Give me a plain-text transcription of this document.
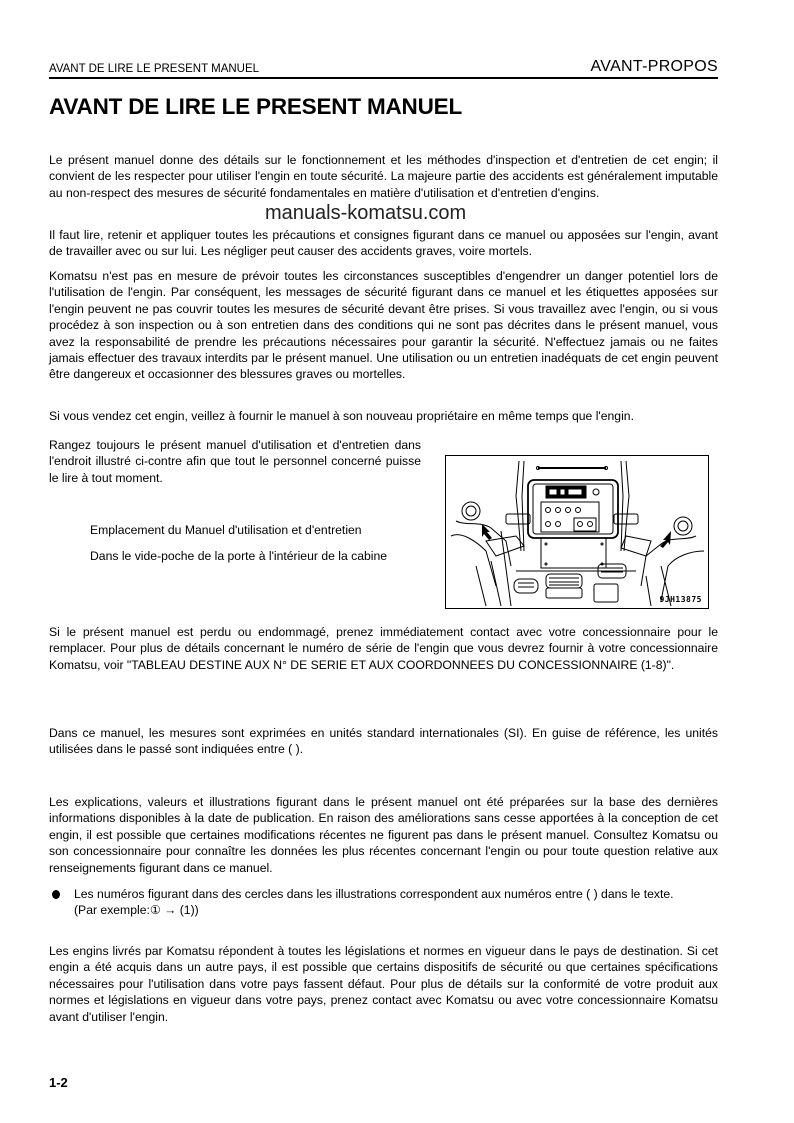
AVANT DE LIRE LE PRESENT MANUEL	AVANT-PROPOS
AVANT DE LIRE LE PRESENT MANUEL

Le présent manuel donne des détails sur le fonctionnement et les méthodes d'inspection et d'entretien de cet engin; il convient de les respecter pour utiliser l'engin en toute sécurité. La majeure partie des accidents est généralement imputable au non-respect des mesures de sécurité fondamentales en matière d'utilisation et d'entretien d'engins.

manuals-komatsu.com

Il faut lire, retenir et appliquer toutes les précautions et consignes figurant dans ce manuel ou apposées sur l'engin, avant de travailler avec ou sur lui. Les négliger peut causer des accidents graves, voire mortels.

Komatsu n'est pas en mesure de prévoir toutes les circonstances susceptibles d'engendrer un danger potentiel lors de l'utilisation de l'engin. Par conséquent, les messages de sécurité figurant dans ce manuel et les étiquettes apposées sur l'engin peuvent ne pas couvrir toutes les mesures de sécurité devant être prises. Si vous travaillez avec l'engin, ou si vous procédez à son inspection ou à son entretien dans des conditions qui ne sont pas décrites dans le présent manuel, vous avez la responsabilité de prendre les précautions nécessaires pour garantir la sécurité. N'effectuez jamais ou ne faites jamais effectuer des travaux interdits par le présent manuel. Une utilisation ou un entretien inadéquats de cet engin peuvent être dangereux et occasionner des blessures graves ou mortelles.

Si vous vendez cet engin, veillez à fournir le manuel à son nouveau propriétaire en même temps que l'engin.

Rangez toujours le présent manuel d'utilisation et d'entretien dans l'endroit illustré ci-contre afin que tout le personnel concerné puisse le lire à tout moment.

Emplacement du Manuel d'utilisation et d'entretien

Dans le vide-poche de la porte à l'intérieur de la cabine

9JH13875

Si le présent manuel est perdu ou endommagé, prenez immédiatement contact avec votre concessionnaire pour le remplacer. Pour plus de détails concernant le numéro de série de l'engin que vous devrez fournir à votre concessionnaire Komatsu, voir "TABLEAU DESTINE AUX N° DE SERIE ET AUX COORDONNEES DU CONCESSIONNAIRE (1-8)".

Dans ce manuel, les mesures sont exprimées en unités standard internationales (SI). En guise de référence, les unités utilisées dans le passé sont indiquées entre ( ).

Les explications, valeurs et illustrations figurant dans le présent manuel ont été préparées sur la base des dernières informations disponibles à la date de publication. En raison des améliorations sans cesse apportées à la conception de cet engin, il est possible que certaines modifications récentes ne figurent pas dans le présent manuel. Consultez Komatsu ou son concessionnaire pour connaître les données les plus récentes concernant l'engin ou pour toute question relative aux renseignements figurant dans ce manuel.

Les numéros figurant dans des cercles dans les illustrations correspondent aux numéros entre ( ) dans le texte.
(Par exemple:① → (1))

Les engins livrés par Komatsu répondent à toutes les législations et normes en vigueur dans le pays de destination. Si cet engin a été acquis dans un autre pays, il est possible que certains dispositifs de sécurité ou que certaines spécifications nécessaires pour l'utilisation dans votre pays fassent défaut. Pour plus de détails sur la conformité de votre produit aux normes et législations en vigueur dans votre pays, prenez contact avec Komatsu ou avec votre concessionnaire Komatsu avant d'utiliser l'engin.

1-2
